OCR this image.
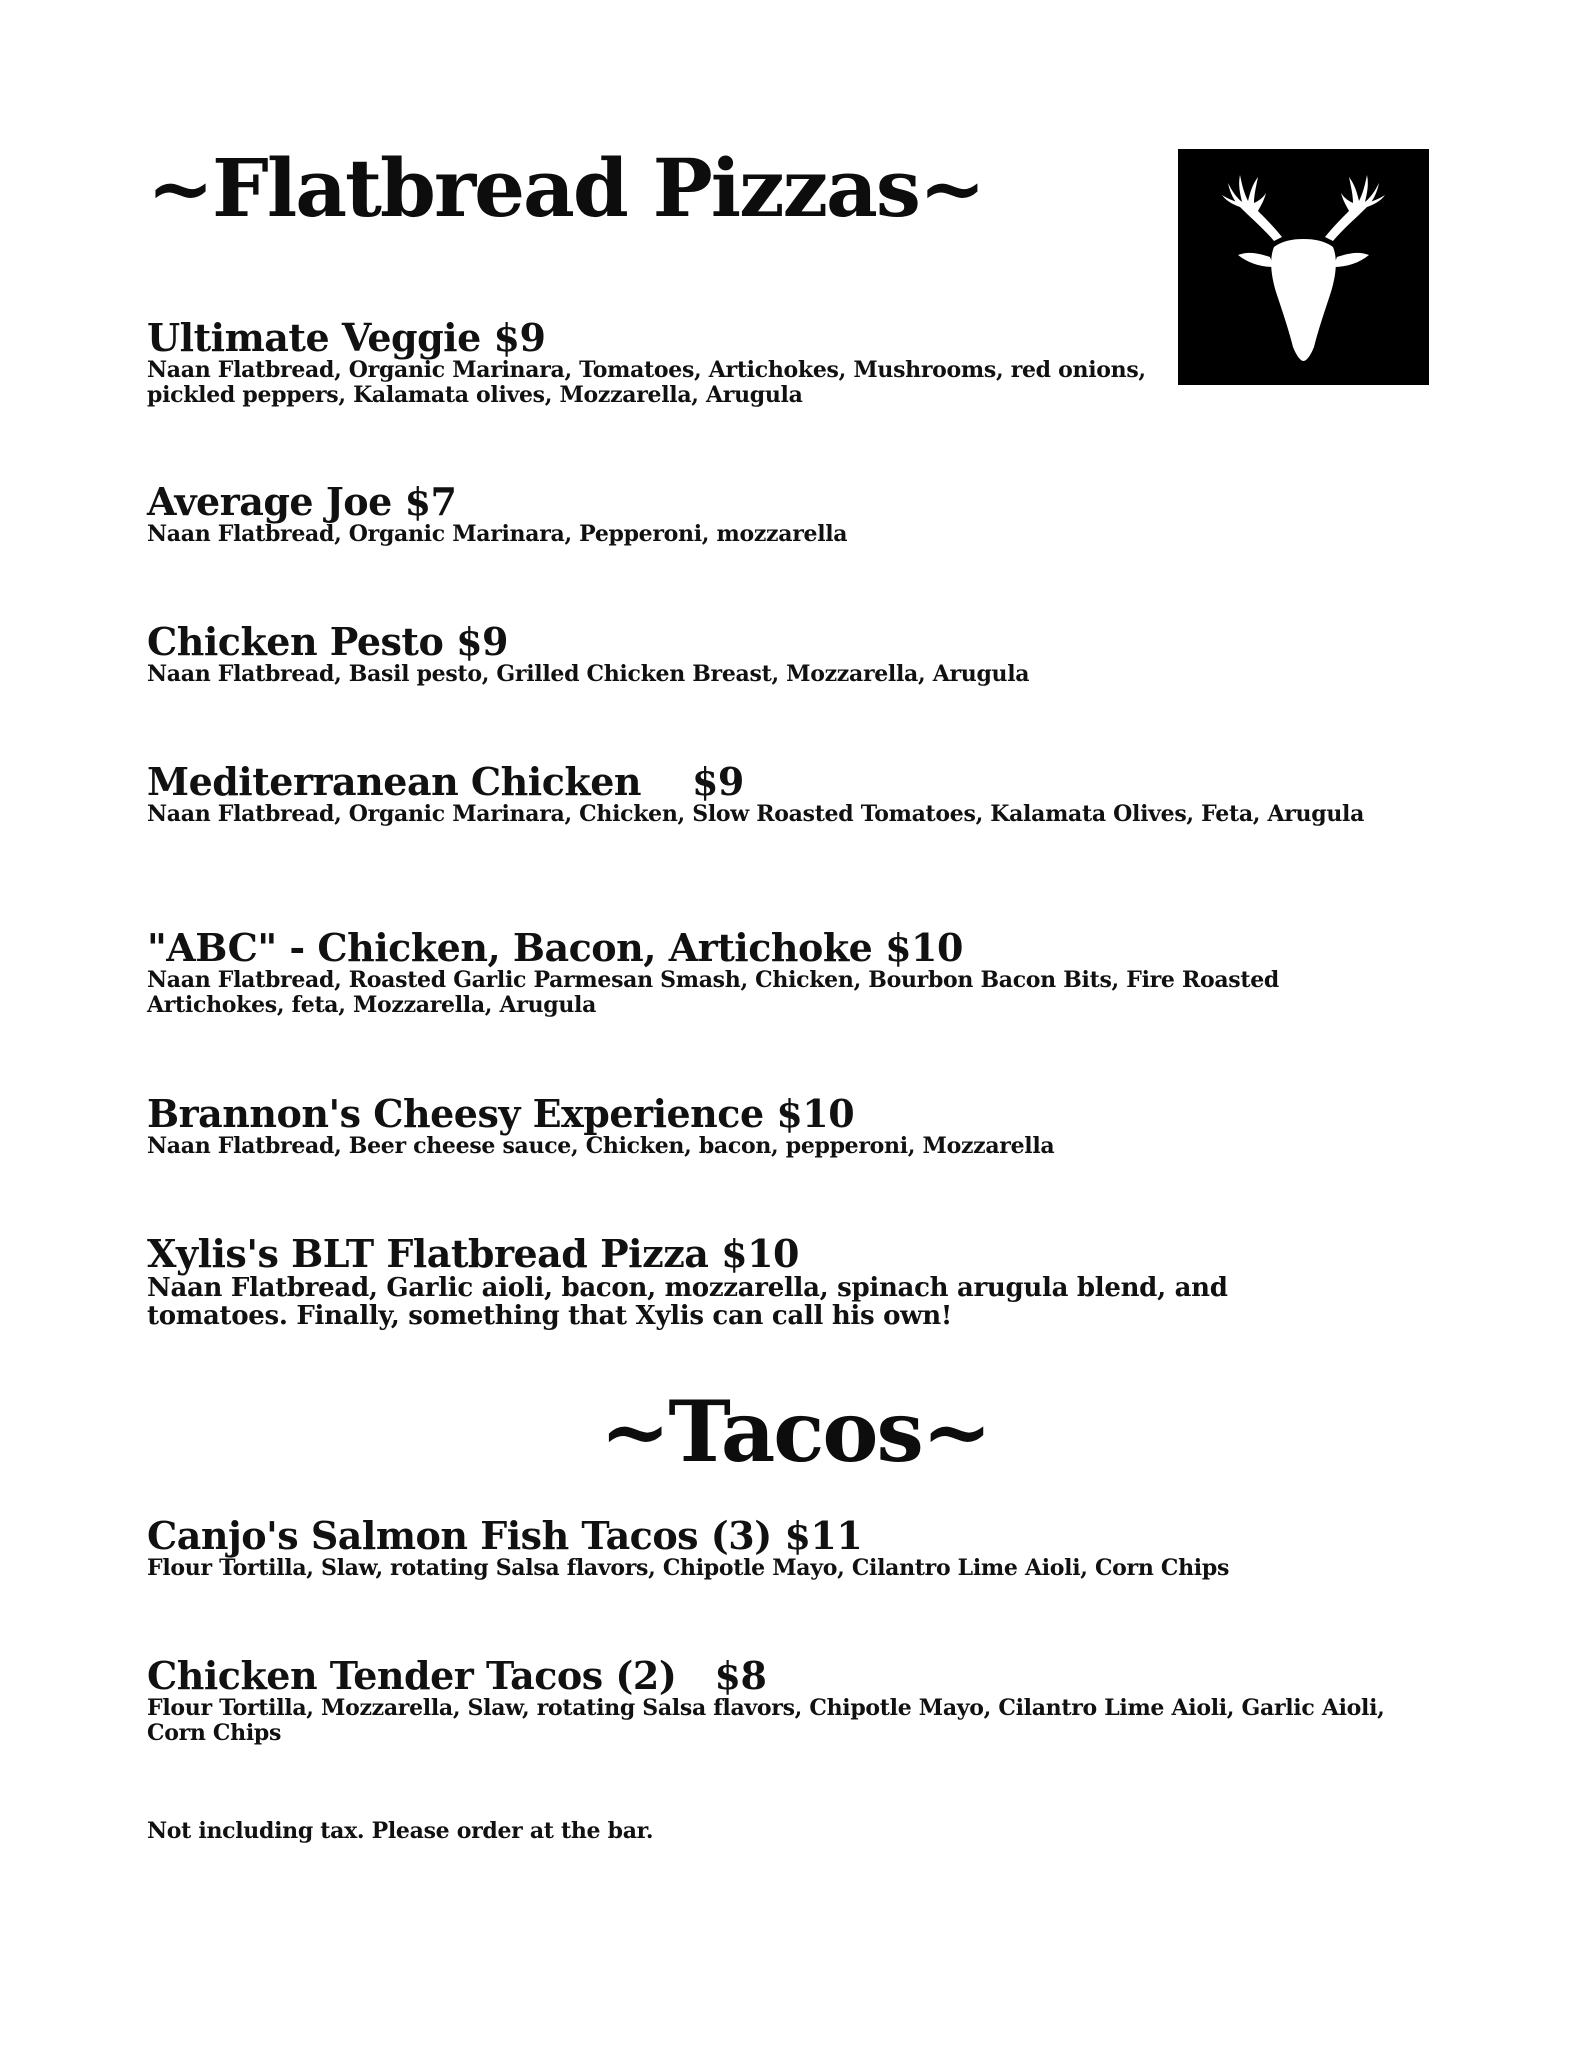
~Flatbread Pizzas~

Ultimate Veggie $9

Naan Flatbread, Organic Marinara, Tomatoes, Artichokes, Mushrooms, red onions, pickled peppers, Kalamata olives, Mozzarella, Arugula

Average Joe $7

Naan Flatbread, Organic Marinara, Pepperoni, mozzarella

Chicken Pesto $9

Naan Flatbread, Basil pesto, Grilled Chicken Breast, Mozzarella, Arugula

Mediterranean Chicken $9

Naan Flatbread, Organic Marinara, Chicken, Slow Roasted Tomatoes, Kalamata Olives, Feta, Arugula

"ABC" - Chicken, Bacon, Artichoke $10

Naan Flatbread, Roasted Garlic Parmesan Smash, Chicken, Bourbon Bacon Bits, Fire Roasted Artichokes, feta, Mozzarella, Arugula

Brannon's Cheesy Experience $10

Naan Flatbread, Beer cheese sauce, Chicken, bacon, pepperoni, Mozzarella

Xylis's BLT Flatbread Pizza $10

Naan Flatbread, Garlic aioli, bacon, mozzarella, spinach arugula blend, and tomatoes. Finally, something that Xylis can call his own!

~Tacos~

Canjo's Salmon Fish Tacos (3) $11

Flour Tortilla, Slaw, rotating Salsa flavors, Chipotle Mayo, Cilantro Lime Aioli, Corn Chips

Chicken Tender Tacos (2) $8

Flour Tortilla, Mozzarella, Slaw, rotating Salsa flavors, Chipotle Mayo, Cilantro Lime Aioli, Garlic Aioli, Corn Chips

Not including tax. Please order at the bar.
